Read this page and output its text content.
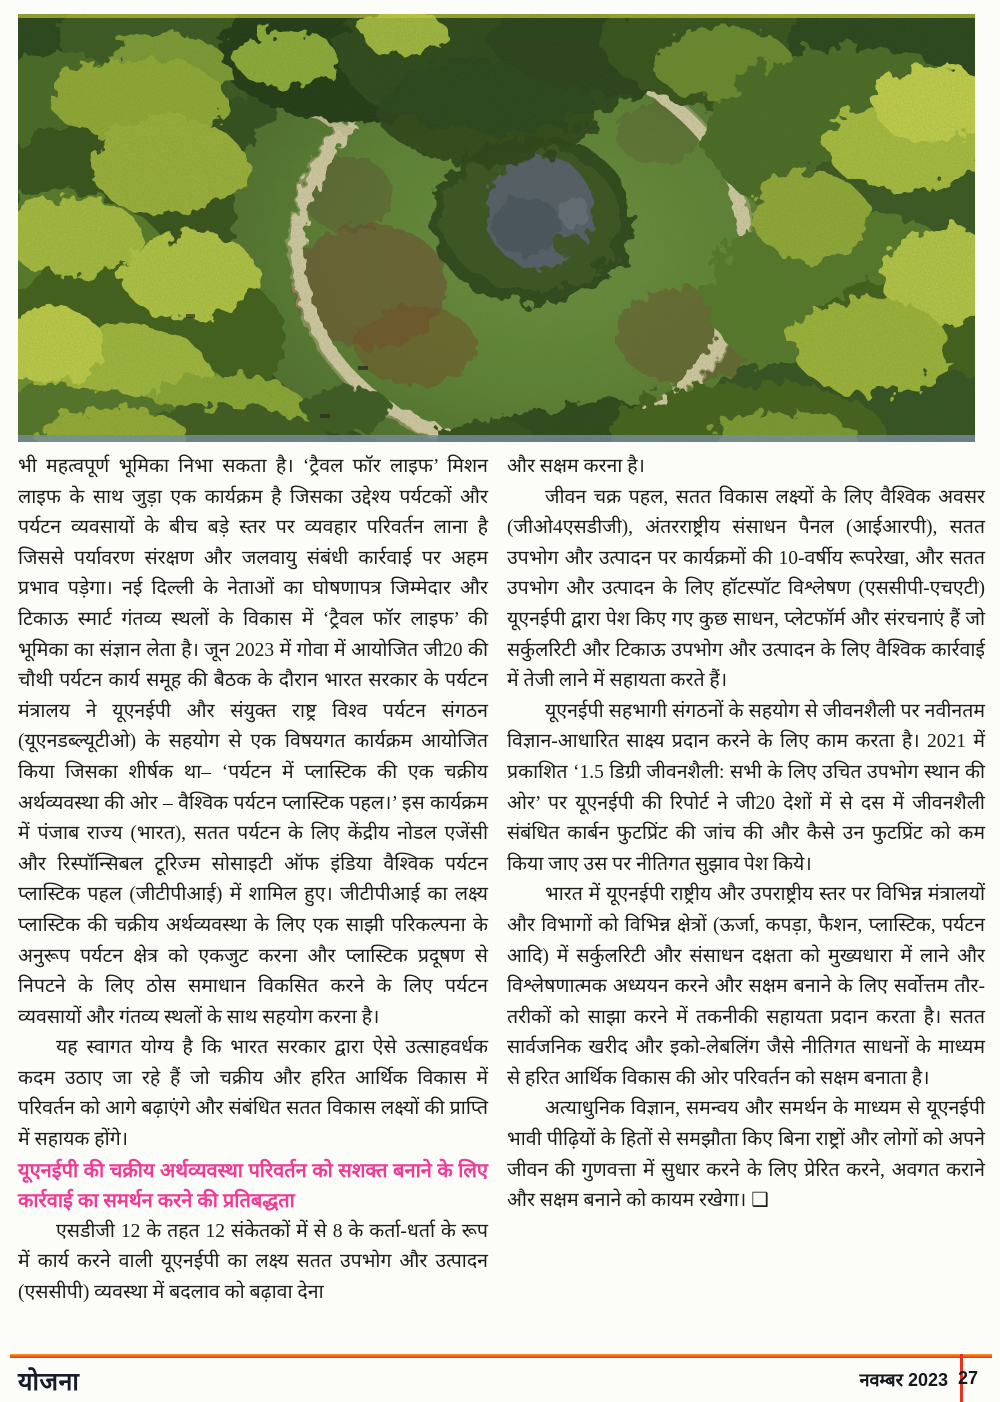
भी महत्वपूर्ण भूमिका निभा सकता है। ‘ट्रैवल फॉर लाइफ’ मिशन लाइफ के साथ जुड़ा एक कार्यक्रम है जिसका उद्देश्य पर्यटकों और पर्यटन व्यवसायों के बीच बड़े स्तर पर व्यवहार परिवर्तन लाना है जिससे पर्यावरण संरक्षण और जलवायु संबंधी कार्रवाई पर अहम प्रभाव पड़ेगा। नई दिल्ली के नेताओं का घोषणापत्र जिम्मेदार और टिकाऊ स्मार्ट गंतव्य स्थलों के विकास में ‘ट्रैवल फॉर लाइफ’ की भूमिका का संज्ञान लेता है। जून 2023 में गोवा में आयोजित जी20 की चौथी पर्यटन कार्य समूह की बैठक के दौरान भारत सरकार के पर्यटन मंत्रालय ने यूएनईपी और संयुक्त राष्ट्र विश्व पर्यटन संगठन (यूएनडब्ल्यूटीओ) के सहयोग से एक विषयगत कार्यक्रम आयोजित किया जिसका शीर्षक था– ‘पर्यटन में प्लास्टिक की एक चक्रीय अर्थव्यवस्था की ओर – वैश्विक पर्यटन प्लास्टिक पहल।’ इस कार्यक्रम में पंजाब राज्य (भारत), सतत पर्यटन के लिए केंद्रीय नोडल एजेंसी और रिस्पॉन्सिबल टूरिज्म सोसाइटी ऑफ इंडिया वैश्विक पर्यटन प्लास्टिक पहल (जीटीपीआई) में शामिल हुए। जीटीपीआई का लक्ष्य प्लास्टिक की चक्रीय अर्थव्यवस्था के लिए एक साझी परिकल्पना के अनुरूप पर्यटन क्षेत्र को एकजुट करना और प्लास्टिक प्रदूषण से निपटने के लिए ठोस समाधान विकसित करने के लिए पर्यटन व्यवसायों और गंतव्य स्थलों के साथ सहयोग करना है।

यह स्वागत योग्य है कि भारत सरकार द्वारा ऐसे उत्साहवर्धक कदम उठाए जा रहे हैं जो चक्रीय और हरित आर्थिक विकास में परिवर्तन को आगे बढ़ाएंगे और संबंधित सतत विकास लक्ष्यों की प्राप्ति में सहायक होंगे।

यूएनईपी की चक्रीय अर्थव्यवस्था परिवर्तन को सशक्त बनाने के लिए कार्रवाई का समर्थन करने की प्रतिबद्धता

एसडीजी 12 के तहत 12 संकेतकों में से 8 के कर्ता-धर्ता के रूप में कार्य करने वाली यूएनईपी का लक्ष्य सतत उपभोग और उत्पादन (एससीपी) व्यवस्था में बदलाव को बढ़ावा देना

और सक्षम करना है।

जीवन चक्र पहल, सतत विकास लक्ष्यों के लिए वैश्विक अवसर (जीओ4एसडीजी), अंतरराष्ट्रीय संसाधन पैनल (आईआरपी), सतत उपभोग और उत्पादन पर कार्यक्रमों की 10-वर्षीय रूपरेखा, और सतत उपभोग और उत्पादन के लिए हॉटस्पॉट विश्लेषण (एससीपी-एचएटी) यूएनईपी द्वारा पेश किए गए कुछ साधन, प्लेटफॉर्म और संरचनाएं हैं जो सर्कुलरिटी और टिकाऊ उपभोग और उत्पादन के लिए वैश्विक कार्रवाई में तेजी लाने में सहायता करते हैं।

यूएनईपी सहभागी संगठनों के सहयोग से जीवनशैली पर नवीनतम विज्ञान-आधारित साक्ष्य प्रदान करने के लिए काम करता है। 2021 में प्रकाशित ‘1.5 डिग्री जीवनशैली: सभी के लिए उचित उपभोग स्थान की ओर’ पर यूएनईपी की रिपोर्ट ने जी20 देशों में से दस में जीवनशैली संबंधित कार्बन फुटप्रिंट की जांच की और कैसे उन फुटप्रिंट को कम किया जाए उस पर नीतिगत सुझाव पेश किये।

भारत में यूएनईपी राष्ट्रीय और उपराष्ट्रीय स्तर पर विभिन्न मंत्रालयों और विभागों को विभिन्न क्षेत्रों (ऊर्जा, कपड़ा, फैशन, प्लास्टिक, पर्यटन आदि) में सर्कुलरिटी और संसाधन दक्षता को मुख्यधारा में लाने और विश्लेषणात्मक अध्ययन करने और सक्षम बनाने के लिए सर्वोत्तम तौर-तरीकों को साझा करने में तकनीकी सहायता प्रदान करता है। सतत सार्वजनिक खरीद और इको-लेबलिंग जैसे नीतिगत साधनों के माध्यम से हरित आर्थिक विकास की ओर परिवर्तन को सक्षम बनाता है।

अत्याधुनिक विज्ञान, समन्वय और समर्थन के माध्यम से यूएनईपी भावी पीढ़ियों के हितों से समझौता किए बिना राष्ट्रों और लोगों को अपने जीवन की गुणवत्ता में सुधार करने के लिए प्रेरित करने, अवगत कराने और सक्षम बनाने को कायम रखेगा। ❑

योजना	नवम्बर 2023 27
